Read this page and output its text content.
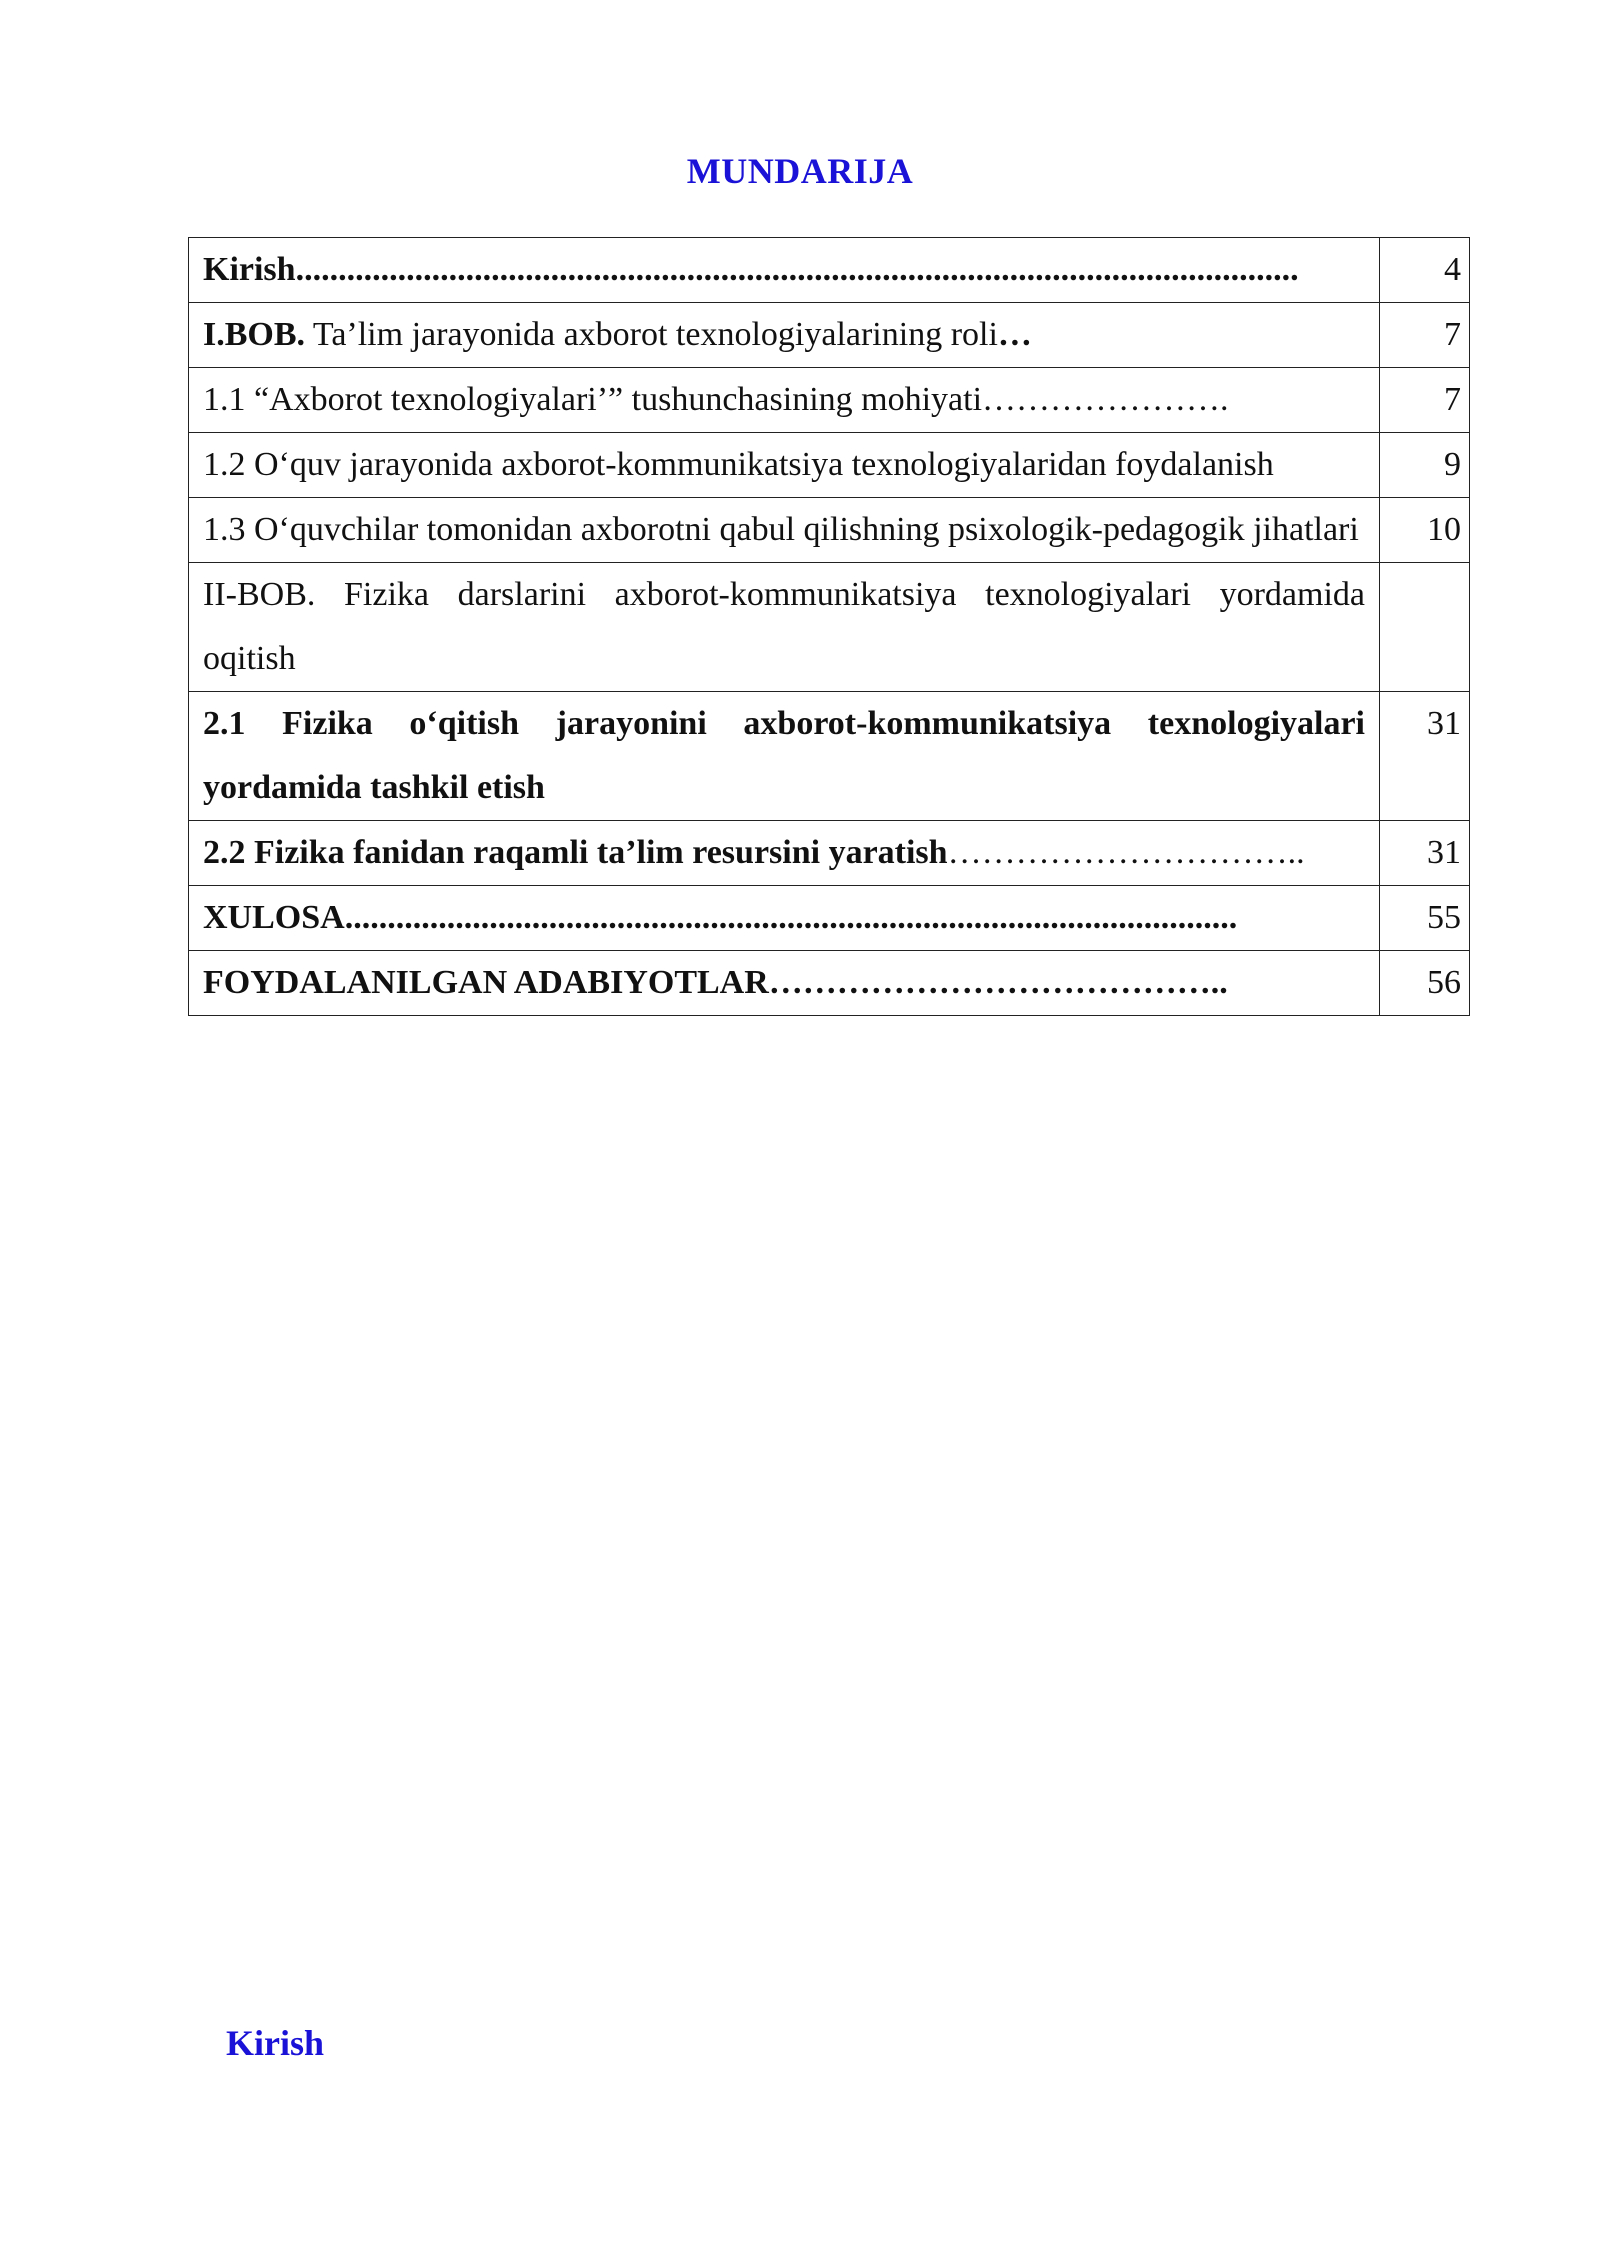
MUNDARIJA
Kirish......................................................................................................................	4
I.BOB. Ta’lim jarayonida axborot texnologiyalarining roli…	7
1.1 “Axborot texnologiyalari’” tushunchasining mohiyati………………….	7
1.2 O‘quv jarayonida axborot-kommunikatsiya texnologiyalaridan foydalanish	9
1.3 O‘quvchilar tomonidan axborotni qabul qilishning psixologik-pedagogik jihatlari	10
II-BOB. Fizika darslarini axborot-kommunikatsiya texnologiyalari yordamida oqitish	
2.1 Fizika o‘qitish jarayonini axborot-kommunikatsiya texnologiyalari yordamida tashkil etish	31
2.2 Fizika fanidan raqamli ta’lim resursini yaratish…………………………..	31
XULOSA.........................................................................................................	55
FOYDALANILGAN ADABIYOTLAR…………………………………..	56
Kirish
